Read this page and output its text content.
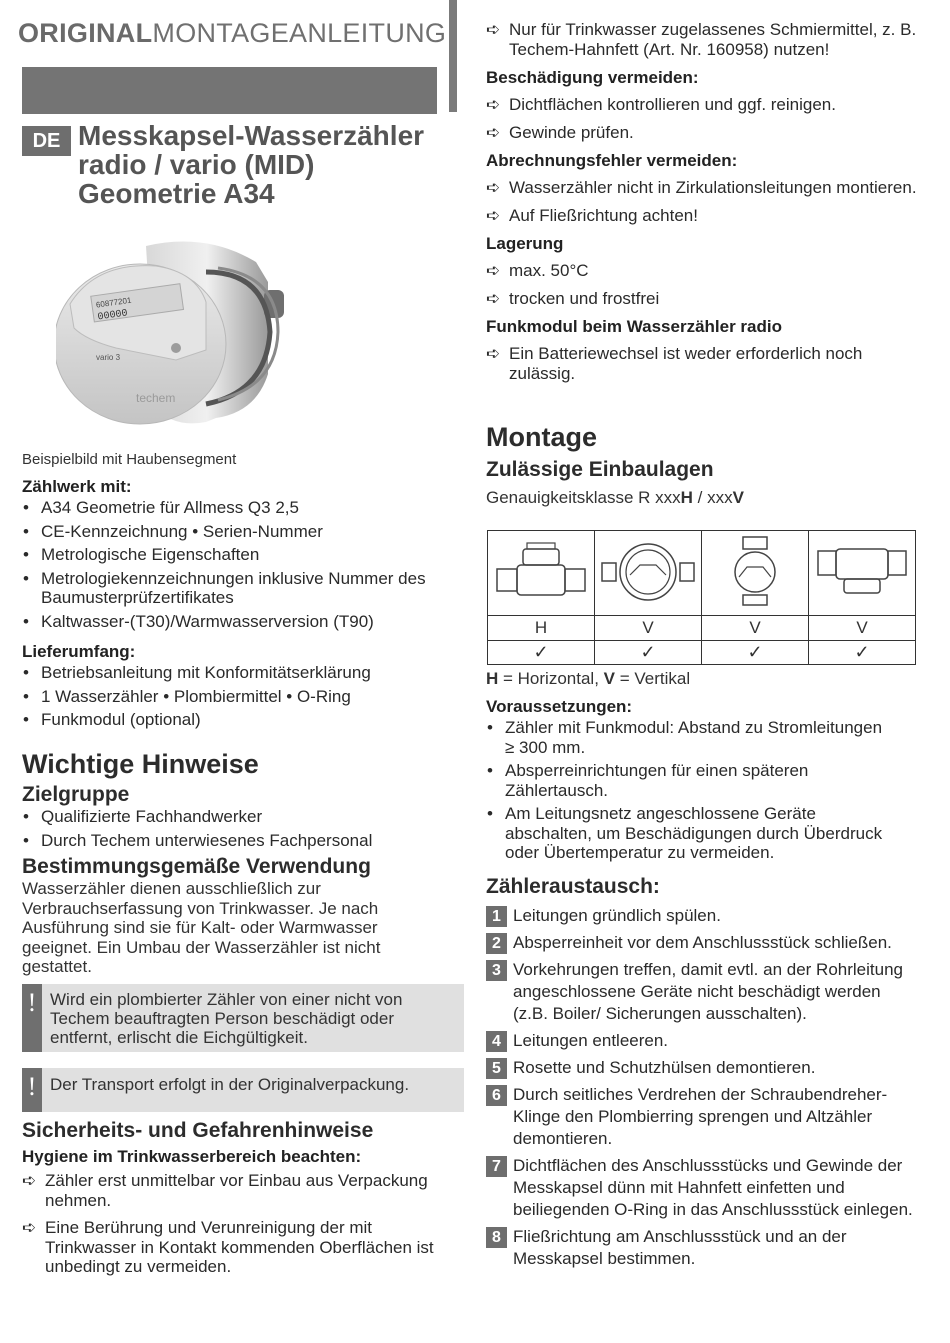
ORIGINALMONTAGEANLEITUNG
DE Messkapsel-Wasserzähler
radio / vario (MID)
Geometrie A34
60877201
00000
vario 3
techem
Beispielbild mit Haubensegment
Zählwerk mit:
• A34 Geometrie für Allmess Q3 2,5
• CE-Kennzeichnung • Serien-Nummer
• Metrologische Eigenschaften
• Metrologiekennzeichnungen inklusive Nummer des Baumusterprüfzertifikates
• Kaltwasser-(T30)/Warmwasserversion (T90)
Lieferumfang:
• Betriebsanleitung mit Konformitätserklärung
• 1 Wasserzähler • Plombiermittel • O-Ring
• Funkmodul (optional)
Wichtige Hinweise
Zielgruppe
• Qualifizierte Fachhandwerker
• Durch Techem unterwiesenes Fachpersonal
Bestimmungsgemäße Verwendung
Wasserzähler dienen ausschließlich zur Verbrauchserfassung von Trinkwasser. Je nach Ausführung sind sie für Kalt- oder Warmwasser geeignet. Ein Umbau der Wasserzähler ist nicht gestattet.
! Wird ein plombierter Zähler von einer nicht von Techem beauftragten Person beschädigt oder entfernt, erlischt die Eichgültigkeit.
! Der Transport erfolgt in der Originalverpackung.
Sicherheits- und Gefahrenhinweise
Hygiene im Trinkwasserbereich beachten:
➪ Zähler erst unmittelbar vor Einbau aus Verpackung nehmen.
➪ Eine Berührung und Verunreinigung der mit Trinkwasser in Kontakt kommenden Oberflächen ist unbedingt zu vermeiden.
➪ Nur für Trinkwasser zugelassenes Schmiermittel, z. B. Techem-Hahnfett (Art. Nr. 160958) nutzen!
Beschädigung vermeiden:
➪ Dichtflächen kontrollieren und ggf. reinigen.
➪ Gewinde prüfen.
Abrechnungsfehler vermeiden:
➪ Wasserzähler nicht in Zirkulationsleitungen montieren.
➪ Auf Fließrichtung achten!
Lagerung
➪ max. 50°C
➪ trocken und frostfrei
Funkmodul beim Wasserzähler radio
➪ Ein Batteriewechsel ist weder erforderlich noch zulässig.
Montage
Zulässige Einbaulagen
Genauigkeitsklasse R xxxH / xxxV

H	V	V	V
✓	✓	✓	✓
H = Horizontal, V = Vertikal
Voraussetzungen:
• Zähler mit Funkmodul: Abstand zu Stromleitungen ≥ 300 mm.
• Absperreinrichtungen für einen späteren Zählertausch.
• Am Leitungsnetz angeschlossene Geräte abschalten, um Beschädigungen durch Überdruck oder Übertemperatur zu vermeiden.
Zähleraustausch:
1 Leitungen gründlich spülen.
2 Absperreinheit vor dem Anschlussstück schließen.
3 Vorkehrungen treffen, damit evtl. an der Rohrleitung angeschlossene Geräte nicht beschädigt werden (z.B. Boiler/ Sicherungen ausschalten).
4 Leitungen entleeren.
5 Rosette und Schutzhülsen demontieren.
6 Durch seitliches Verdrehen der Schraubendreher-Klinge den Plombierring sprengen und Altzähler demontieren.
7 Dichtflächen des Anschlussstücks und Gewinde der Messkapsel dünn mit Hahnfett einfetten und beiliegenden O-Ring in das Anschlussstück einlegen.
8 Fließrichtung am Anschlussstück und an der Messkapsel bestimmen.
